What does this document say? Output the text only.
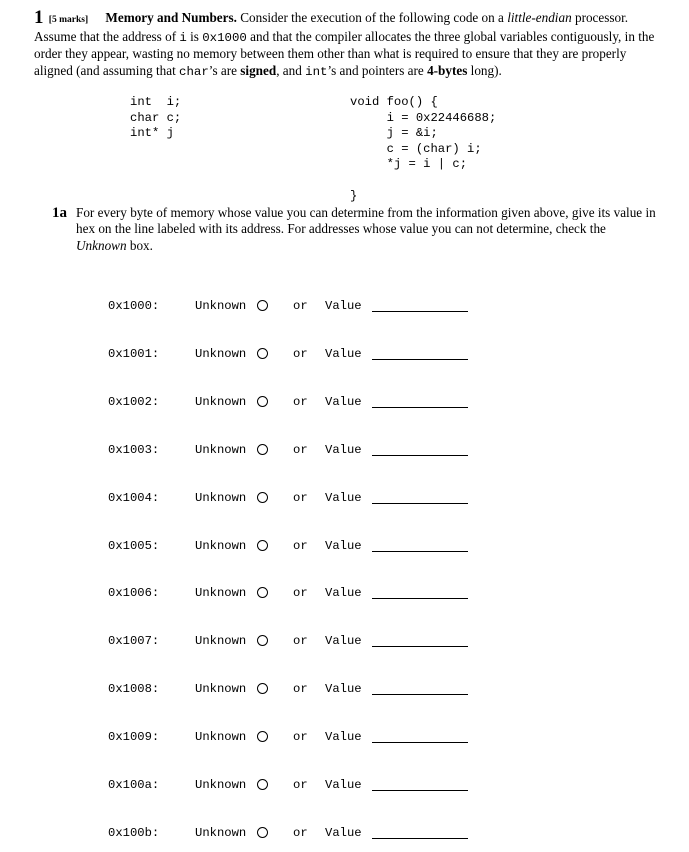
1 [5 marks] Memory and Numbers. Consider the execution of the following code on a little-endian processor. Assume that the address of i is 0x1000 and that the compiler allocates the three global variables contiguously, in the order they appear, wasting no memory between them other than what is required to ensure that they are properly aligned (and assuming that char’s are signed, and int’s and pointers are 4-bytes long).
int  i;
char c;
int* j
void foo() {
i = 0x22446688;
j = &i;
c = (char) i;
*j = i | c;

}
1a For every byte of memory whose value you can determine from the information given above, give its value in hex on the line labeled with its address. For addresses whose value you can not determine, check the Unknown box.
0x1000:	Unknown	or Value
0x1001:	Unknown	or Value
0x1002:	Unknown	or Value
0x1003:	Unknown	or Value
0x1004:	Unknown	or Value
0x1005:	Unknown	or Value
0x1006:	Unknown	or Value
0x1007:	Unknown	or Value
0x1008:	Unknown	or Value
0x1009:	Unknown	or Value
0x100a:	Unknown	or Value
0x100b:	Unknown	or Value
